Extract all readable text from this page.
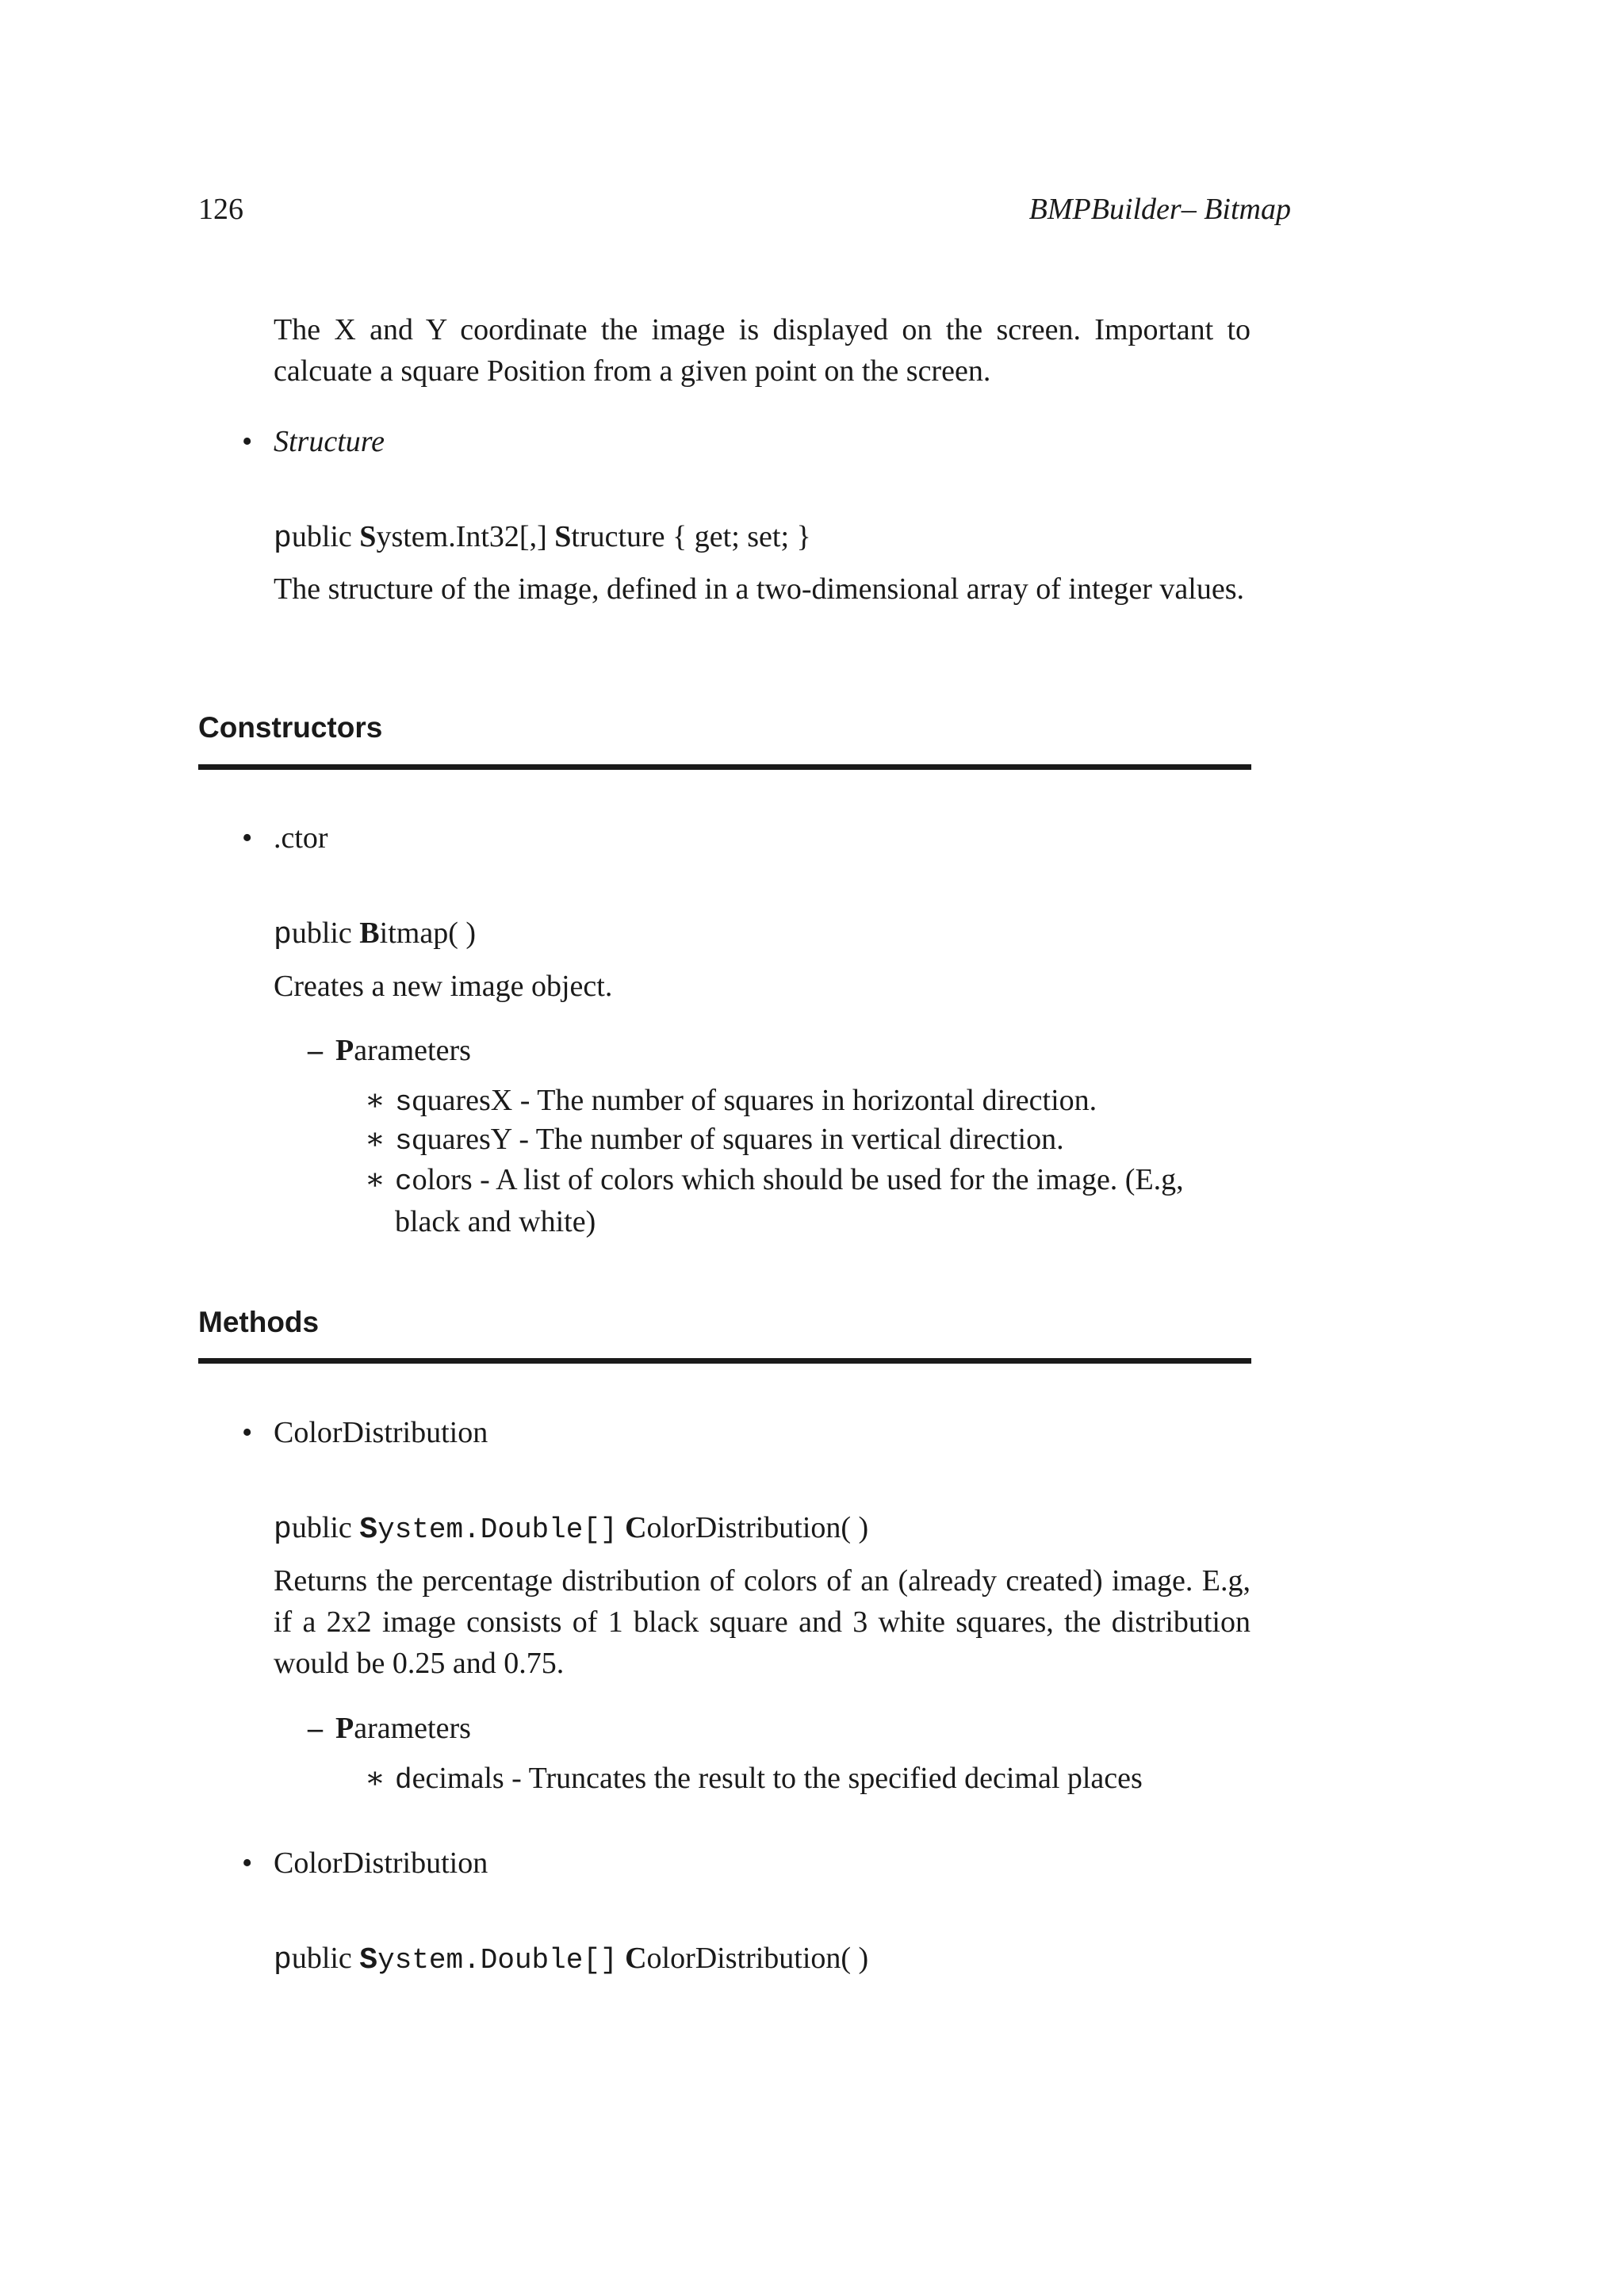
126	BMPBuilder– Bitmap
The X and Y coordinate the image is displayed on the screen. Important to calcuate a square Position from a given point on the screen.
• Structure
public System.Int32[,] Structure { get; set; }
The structure of the image, defined in a two-dimensional array of integer values.
Constructors
• .ctor
public Bitmap( )
Creates a new image object.
– Parameters
∗ squaresX - The number of squares in horizontal direction.
∗ squaresY - The number of squares in vertical direction.
∗ colors - A list of colors which should be used for the image. (E.g, black and white)
Methods
• ColorDistribution
public System.Double[] ColorDistribution( )
Returns the percentage distribution of colors of an (already created) image. E.g, if a 2x2 image consists of 1 black square and 3 white squares, the distribution would be 0.25 and 0.75.
– Parameters
∗ decimals - Truncates the result to the specified decimal places
• ColorDistribution
public System.Double[] ColorDistribution( )
